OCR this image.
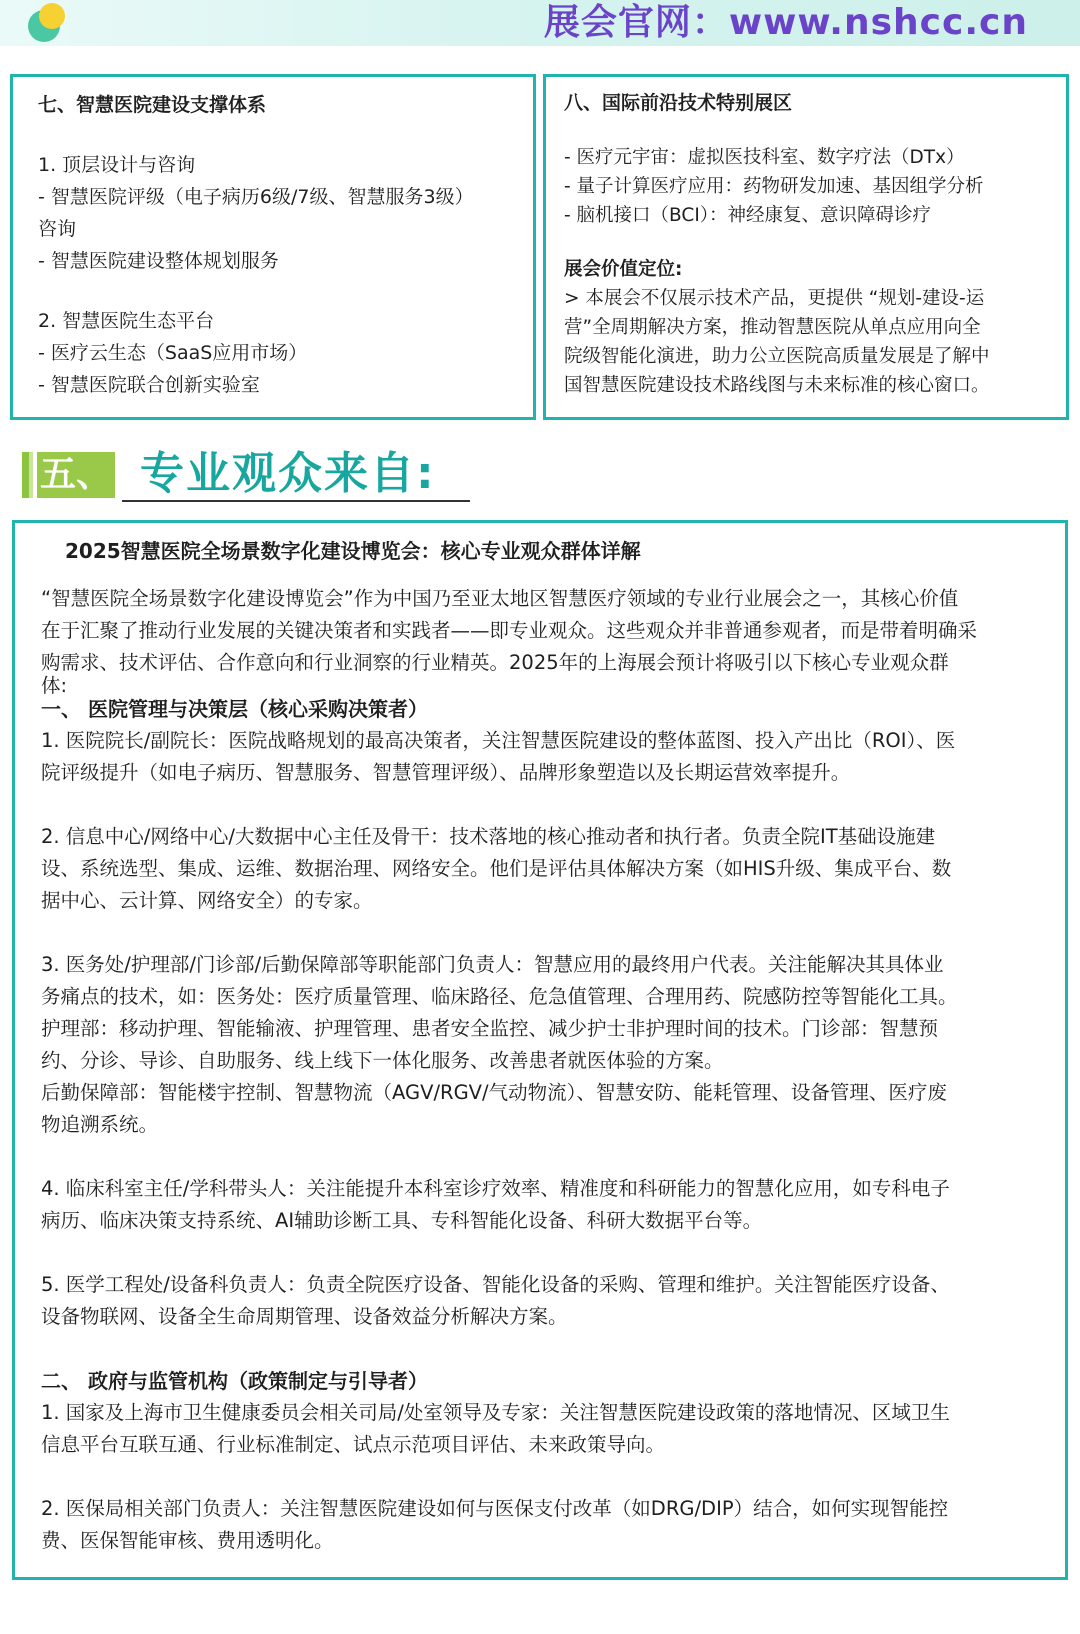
展会官网：www.nshcc.cn

七、智慧医院建设支撑体系

1. 顶层设计与咨询

- 智慧医院评级（电子病历6级/7级、智慧服务3级）

咨询

- 智慧医院建设整体规划服务

2. 智慧医院生态平台

- 医疗云生态（SaaS应用市场）

- 智慧医院联合创新实验室

八、国际前沿技术特别展区

- 医疗元宇宙：虚拟医技科室、数字疗法（DTx）

- 量子计算医疗应用：药物研发加速、基因组学分析

- 脑机接口（BCI）：神经康复、意识障碍诊疗

展会价值定位:

> 本展会不仅展示技术产品，更提供 “规划-建设-运

营”全周期解决方案，推动智慧医院从单点应用向全

院级智能化演进，助力公立医院高质量发展是了解中

国智慧医院建设技术路线图与未来标准的核心窗口。

五、 专业观众来自:

2025智慧医院全场景数字化建设博览会：核心专业观众群体详解

“智慧医院全场景数字化建设博览会”作为中国乃至亚太地区智慧医疗领域的专业行业展会之一，其核心价值

在于汇聚了推动行业发展的关键决策者和实践者——即专业观众。这些观众并非普通参观者，而是带着明确采

购需求、技术评估、合作意向和行业洞察的行业精英。2025年的上海展会预计将吸引以下核心专业观众群

体:

一、 医院管理与决策层（核心采购决策者）

1. 医院院长/副院长：医院战略规划的最高决策者，关注智慧医院建设的整体蓝图、投入产出比（ROI）、医

院评级提升（如电子病历、智慧服务、智慧管理评级）、品牌形象塑造以及长期运营效率提升。

2. 信息中心/网络中心/大数据中心主任及骨干：技术落地的核心推动者和执行者。负责全院IT基础设施建

设、系统选型、集成、运维、数据治理、网络安全。他们是评估具体解决方案（如HIS升级、集成平台、数

据中心、云计算、网络安全）的专家。

3. 医务处/护理部/门诊部/后勤保障部等职能部门负责人：智慧应用的最终用户代表。关注能解决其具体业

务痛点的技术，如：医务处：医疗质量管理、临床路径、危急值管理、合理用药、院感防控等智能化工具。

护理部：移动护理、智能输液、护理管理、患者安全监控、减少护士非护理时间的技术。门诊部：智慧预

约、分诊、导诊、自助服务、线上线下一体化服务、改善患者就医体验的方案。

后勤保障部：智能楼宇控制、智慧物流（AGV/RGV/气动物流）、智慧安防、能耗管理、设备管理、医疗废

物追溯系统。

4. 临床科室主任/学科带头人：关注能提升本科室诊疗效率、精准度和科研能力的智慧化应用，如专科电子

病历、临床决策支持系统、AI辅助诊断工具、专科智能化设备、科研大数据平台等。

5. 医学工程处/设备科负责人：负责全院医疗设备、智能化设备的采购、管理和维护。关注智能医疗设备、

设备物联网、设备全生命周期管理、设备效益分析解决方案。

二、 政府与监管机构（政策制定与引导者）

1. 国家及上海市卫生健康委员会相关司局/处室领导及专家：关注智慧医院建设政策的落地情况、区域卫生

信息平台互联互通、行业标准制定、试点示范项目评估、未来政策导向。

2. 医保局相关部门负责人：关注智慧医院建设如何与医保支付改革（如DRG/DIP）结合，如何实现智能控

费、医保智能审核、费用透明化。
